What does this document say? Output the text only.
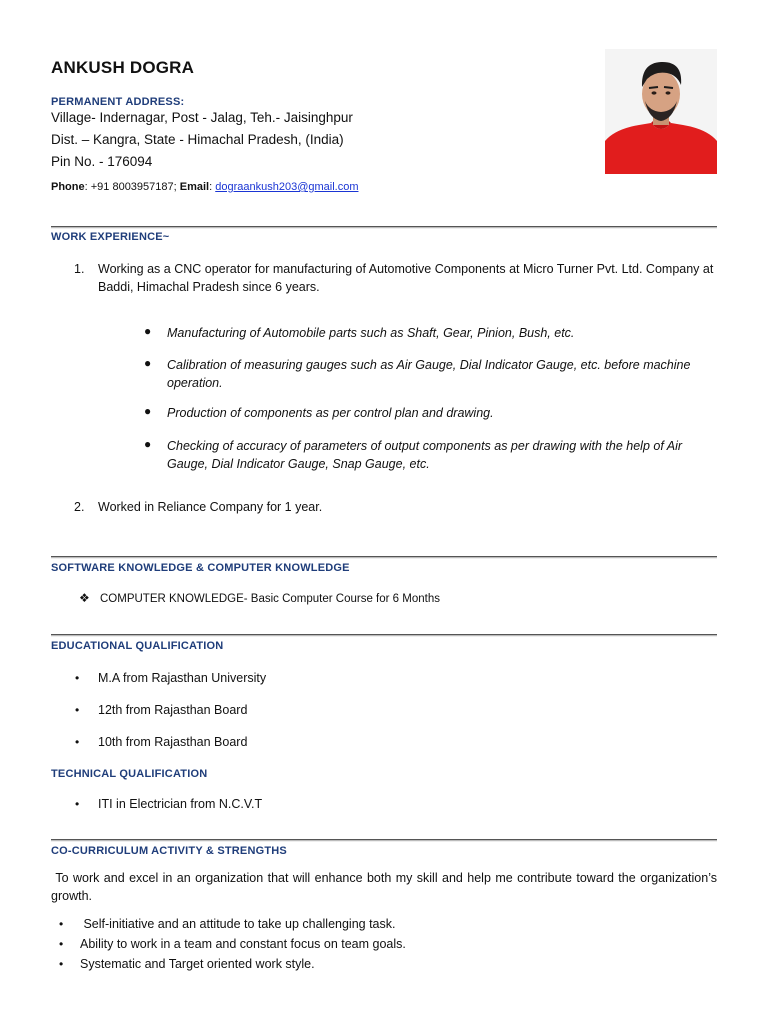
ANKUSH DOGRA
PERMANENT ADDRESS:
Village- Indernagar, Post - Jalag, Teh.- Jaisinghpur
Dist. – Kangra, State - Himachal Pradesh, (India)
Pin No. - 176094
Phone: +91 8003957187; Email: dograankush203@gmail.com
WORK EXPERIENCE~
1. Working as a CNC operator for manufacturing of Automotive Components at Micro Turner Pvt. Ltd. Company at Baddi, Himachal Pradesh since 6 years.
● Manufacturing of Automobile parts such as Shaft, Gear, Pinion, Bush, etc.
● Calibration of measuring gauges such as Air Gauge, Dial Indicator Gauge, etc. before machine operation.
● Production of components as per control plan and drawing.
● Checking of accuracy of parameters of output components as per drawing with the help of Air Gauge, Dial Indicator Gauge, Snap Gauge, etc.
2. Worked in Reliance Company for 1 year.
SOFTWARE KNOWLEDGE & COMPUTER KNOWLEDGE
❖ COMPUTER KNOWLEDGE- Basic Computer Course for 6 Months
EDUCATIONAL QUALIFICATION
• M.A from Rajasthan University
• 12th from Rajasthan Board
• 10th from Rajasthan Board
TECHNICAL QUALIFICATION
• ITI in Electrician from N.C.V.T
CO-CURRICULUM ACTIVITY & STRENGTHS
To work and excel in an organization that will enhance both my skill and help me contribute toward the organization’s growth.
• Self-initiative and an attitude to take up challenging task.
• Ability to work in a team and constant focus on team goals.
• Systematic and Target oriented work style.
